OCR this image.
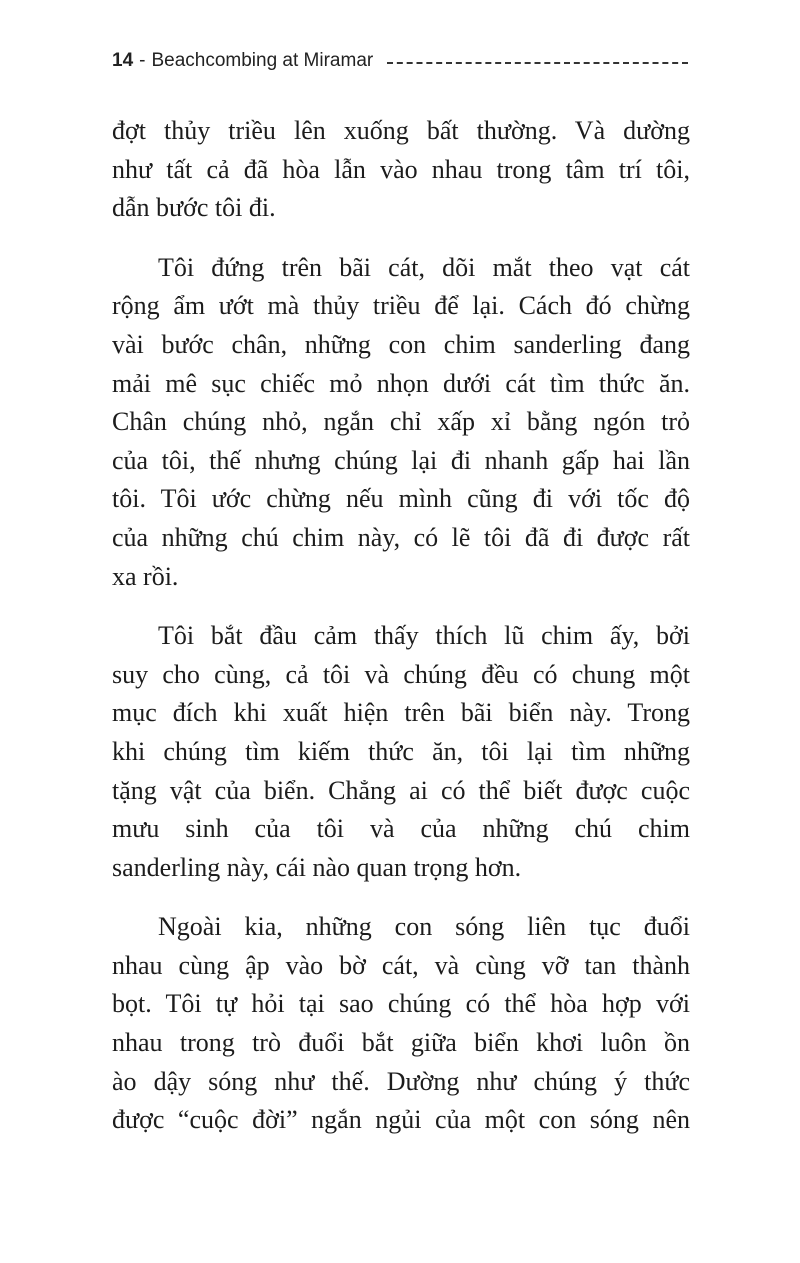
14 - Beachcombing at Miramar
đợt thủy triều lên xuống bất thường. Và dường
như tất cả đã hòa lẫn vào nhau trong tâm trí tôi,
dẫn bước tôi đi.
Tôi đứng trên bãi cát, dõi mắt theo vạt cát
rộng ẩm ướt mà thủy triều để lại. Cách đó chừng
vài bước chân, những con chim sanderling đang
mải mê sục chiếc mỏ nhọn dưới cát tìm thức ăn.
Chân chúng nhỏ, ngắn chỉ xấp xỉ bằng ngón trỏ
của tôi, thế nhưng chúng lại đi nhanh gấp hai lần
tôi. Tôi ước chừng nếu mình cũng đi với tốc độ
của những chú chim này, có lẽ tôi đã đi được rất
xa rồi.
Tôi bắt đầu cảm thấy thích lũ chim ấy, bởi
suy cho cùng, cả tôi và chúng đều có chung một
mục đích khi xuất hiện trên bãi biển này. Trong
khi chúng tìm kiếm thức ăn, tôi lại tìm những
tặng vật của biển. Chẳng ai có thể biết được cuộc
mưu sinh của tôi và của những chú chim
sanderling này, cái nào quan trọng hơn.
Ngoài kia, những con sóng liên tục đuổi
nhau cùng ập vào bờ cát, và cùng vỡ tan thành
bọt. Tôi tự hỏi tại sao chúng có thể hòa hợp với
nhau trong trò đuổi bắt giữa biển khơi luôn ồn
ào dậy sóng như thế. Dường như chúng ý thức
được “cuộc đời” ngắn ngủi của một con sóng nên
